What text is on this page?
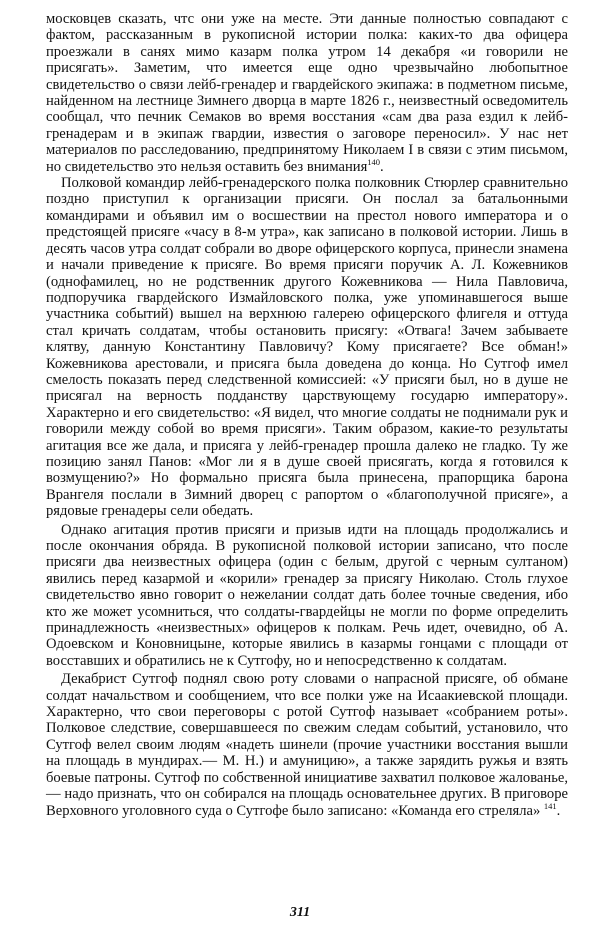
московцев сказать, чтс они уже на месте. Эти данные полностью совпадают с фактом, рассказанным в рукописной истории полка: каких-то два офицера проезжали в санях мимо казарм полка утром 14 декабря «и говорили не присягать». Заметим, что имеется еще одно чрезвычайно любопытное свидетельство о связи лейб-гренадер и гвардейского экипажа: в подметном письме, найденном на лестнице Зимнего дворца в марте 1826 г., неизвестный осведомитель сообщал, что печник Семаков во время восстания «сам два раза ездил к лейб-гренадерам и в экипаж гвардии, известия о заговоре переносил». У нас нет материалов по расследованию, предпринятому Николаем I в связи с этим письмом, но свидетельство это нельзя оставить без внимания$^{140}$.

Полковой командир лейб-гренадерского полка полковник Стюрлер сравнительно поздно приступил к организации присяги. Он послал за батальонными командирами и объявил им о восшествии на престол нового императора и о предстоящей присяге «часу в 8-м утра», как записано в полковой истории. Лишь в десять часов утра солдат собрали во дворе офицерского корпуса, принесли знамена и начали приведение к присяге. Во время присяги поручик А. Л. Кожевников (однофамилец, но не родственник другого Кожевникова — Нила Павловича, подпоручика гвардейского Измайловского полка, уже упоминавшегося выше участника событий) вышел на верхнюю галерею офицерского флигеля и оттуда стал кричать солдатам, чтобы остановить присягу: «Отвага! Зачем забываете клятву, данную Константину Павловичу? Кому присягаете? Все обман!» Кожевникова арестовали, и присяга была доведена до конца. Но Сутгоф имел смелость показать перед следственной комиссией: «У присяги был, но в душе не присягал на верность подданству царствующему государю императору». Характерно и его свидетельство: «Я видел, что многие солдаты не поднимали рук и говорили между собой во время присяги». Таким образом, какие-то результаты агитация все же дала, и присяга у лейб-гренадер прошла далеко не гладко. Ту же позицию занял Панов: «Мог ли я в душе своей присягать, когда я готовился к возмущению?» Но формально присяга была принесена, прапорщика барона Врангеля послали в Зимний дворец с рапортом о «благополучной присяге», а рядовые гренадеры сели обедать.

Однако агитация против присяги и призыв идти на площадь продолжались и после окончания обряда. В рукописной полковой истории записано, что после присяги два неизвестных офицера (один с белым, другой с черным султаном) явились перед казармой и «корили» гренадер за присягу Николаю. Столь глухое свидетельство явно говорит о нежелании солдат дать более точные сведения, ибо кто же может усомниться, что солдаты-гвардейцы не могли по форме определить принадлежность «неизвестных» офицеров к полкам. Речь идет, очевидно, об А. Одоевском и Коновницыне, которые явились в казармы гонцами с площади от восставших и обратились не к Сутгофу, но и непосредственно к солдатам.

Декабрист Сутгоф поднял свою роту словами о напрасной присяге, об обмане солдат начальством и сообщением, что все полки уже на Исаакиевской площади. Характерно, что свои переговоры с ротой Сутгоф называет «собранием роты». Полковое следствие, совершавшееся по свежим следам событий, установило, что Сутгоф велел своим людям «надеть шинели (прочие участники восстания вышли на площадь в мундирах.— М. Н.) и амуницию», а также зарядить ружья и взять боевые патроны. Сутгоф по собственной инициативе захватил полковое жалованье,— надо признать, что он собирался на площадь основательнее других. В приговоре Верховного уголовного суда о Сутгофе было записано: «Команда его стреляла» $^{141}$.

311
